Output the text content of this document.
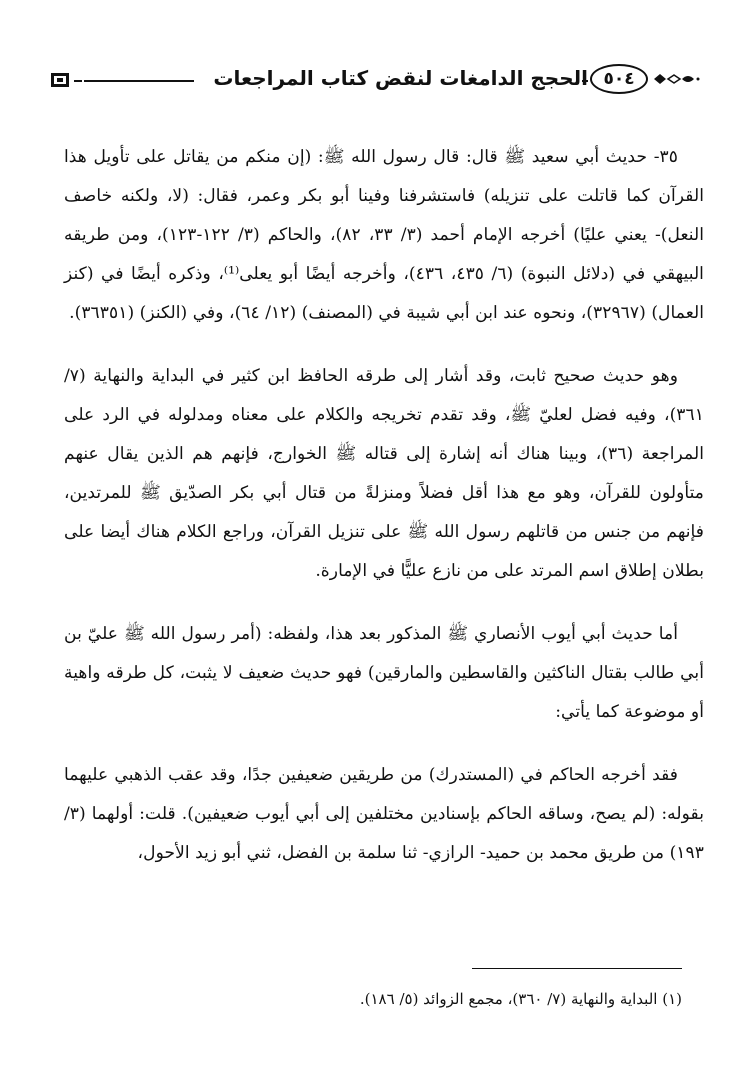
٥٠٤
الحجج الدامغات لنقض كتاب المراجعات

٣٥- حديث أبي سعيد ﷺ قال: قال رسول الله ﷺ: (إن منكم من يقاتل على تأويل هذا القرآن كما قاتلت على تنزيله) فاستشرفنا وفينا أبو بكر وعمر، فقال: (لا، ولكنه خاصف النعل)- يعني عليًا) أخرجه الإمام أحمد (٣/ ٣٣، ٨٢)، والحاكم (٣/ ١٢٢-١٢٣)، ومن طريقه البيهقي في (دلائل النبوة) (٦/ ٤٣٥، ٤٣٦)، وأخرجه أيضًا أبو يعلى⁽¹⁾، وذكره أيضًا في (كنز العمال) (٣٢٩٦٧)، ونحوه عند ابن أبي شيبة في (المصنف) (١٢/ ٦٤)، وفي (الكنز) (٣٦٣٥١).

وهو حديث صحيح ثابت، وقد أشار إلى طرقه الحافظ ابن كثير في البداية والنهاية (٧/ ٣٦١)، وفيه فضل لعليّ ﷺ، وقد تقدم تخريجه والكلام على معناه ومدلوله في الرد على المراجعة (٣٦)، وبينا هناك أنه إشارة إلى قتاله ﷺ الخوارج، فإنهم هم الذين يقال عنهم متأولون للقرآن، وهو مع هذا أقل فضلاً ومنزلةً من قتال أبي بكر الصدّيق ﷺ للمرتدين، فإنهم من جنس من قاتلهم رسول الله ﷺ على تنزيل القرآن، وراجع الكلام هناك أيضا على بطلان إطلاق اسم المرتد على من نازع عليًّا في الإمارة.

أما حديث أبي أيوب الأنصاري ﷺ المذكور بعد هذا، ولفظه: (أمر رسول الله ﷺ عليّ بن أبي طالب بقتال الناكثين والقاسطين والمارقين) فهو حديث ضعيف لا يثبت، كل طرقه واهية أو موضوعة كما يأتي:

فقد أخرجه الحاكم في (المستدرك) من طريقين ضعيفين جدًا، وقد عقب الذهبي عليهما بقوله: (لم يصح، وساقه الحاكم بإسنادين مختلفين إلى أبي أيوب ضعيفين). قلت: أولهما (٣/ ١٩٣) من طريق محمد بن حميد- الرازي- ثنا سلمة بن الفضل، ثني أبو زيد الأحول،

(١) البداية والنهاية (٧/ ٣٦٠)، مجمع الزوائد (٥/ ١٨٦).
